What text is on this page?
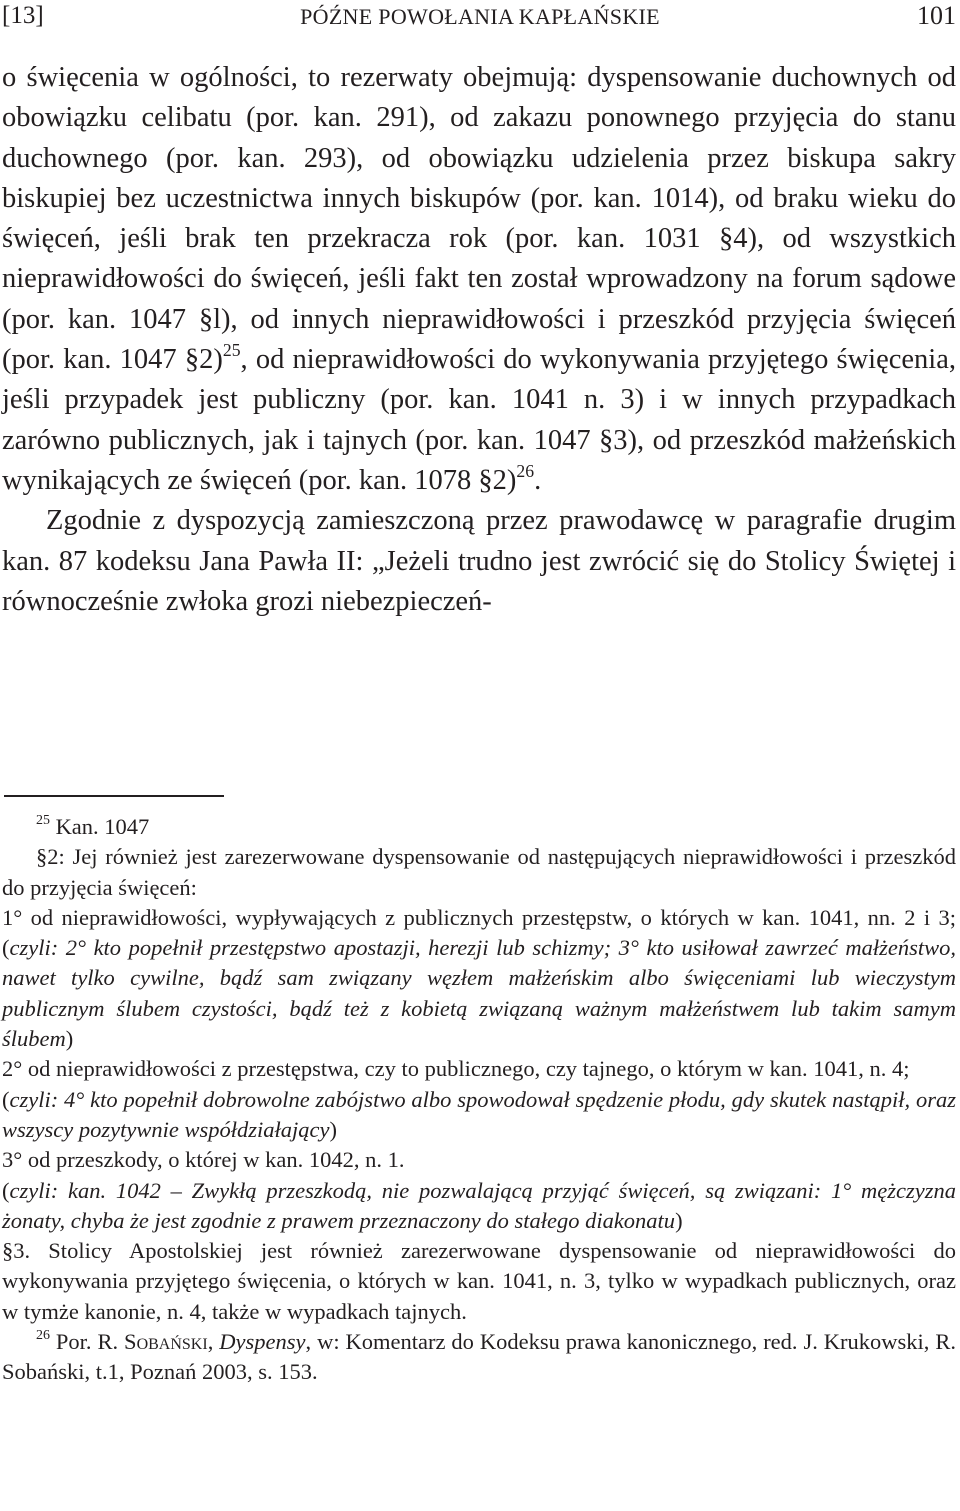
[13]	PÓŹNE POWOŁANIA KAPŁAŃSKIE	101

o święcenia w ogólności, to rezerwaty obejmują: dyspensowanie duchownych od obowiązku celibatu (por. kan. 291), od zakazu ponownego przyjęcia do stanu duchownego (por. kan. 293), od obowiązku udzielenia przez biskupa sakry biskupiej bez uczestnictwa innych biskupów (por. kan. 1014), od braku wieku do święceń, jeśli brak ten przekracza rok (por. kan. 1031 §4), od wszystkich nieprawidłowości do święceń, jeśli fakt ten został wprowadzony na forum sądowe (por. kan. 1047 §l), od innych nieprawidłowości i przeszkód przyjęcia święceń (por. kan. 1047 §2)$^{25}$, od nieprawidłowości do wykonywania przyjętego święcenia, jeśli przypadek jest publiczny (por. kan. 1041 n. 3) i w innych przypadkach zarówno publicznych, jak i tajnych (por. kan. 1047 §3), od przeszkód małżeńskich wynikających ze święceń (por. kan. 1078 §2)$^{26}$.

Zgodnie z dyspozycją zamieszczoną przez prawodawcę w paragrafie drugim kan. 87 kodeksu Jana Pawła II: „Jeżeli trudno jest zwrócić się do Stolicy Świętej i równocześnie zwłoka grozi niebezpieczeń-

$^{25}$ Kan. 1047

§2: Jej również jest zarezerwowane dyspensowanie od następujących nieprawidłowości i przeszkód do przyjęcia święceń:

1° od nieprawidłowości, wypływających z publicznych przestępstw, o których w kan. 1041, nn. 2 i 3; (czyli: 2° kto popełnił przestępstwo apostazji, herezji lub schizmy; 3° kto usiłował zawrzeć małżeństwo, nawet tylko cywilne, bądź sam związany węzłem małżeńskim albo święceniami lub wieczystym publicznym ślubem czystości, bądź też z kobietą związaną ważnym małżeństwem lub takim samym ślubem)

2° od nieprawidłowości z przestępstwa, czy to publicznego, czy tajnego, o którym w kan. 1041, n. 4;

(czyli: 4° kto popełnił dobrowolne zabójstwo albo spowodował spędzenie płodu, gdy skutek nastąpił, oraz wszyscy pozytywnie współdziałający)

3° od przeszkody, o której w kan. 1042, n. 1.

(czyli: kan. 1042 – Zwykłą przeszkodą, nie pozwalającą przyjąć święceń, są związani: 1° mężczyzna żonaty, chyba że jest zgodnie z prawem przeznaczony do stałego diakonatu)

§3. Stolicy Apostolskiej jest również zarezerwowane dyspensowanie od nieprawidłowości do wykonywania przyjętego święcenia, o których w kan. 1041, n. 3, tylko w wypadkach publicznych, oraz w tymże kanonie, n. 4, także w wypadkach tajnych.

$^{26}$ Por. R. Sobański, Dyspensy, w: Komentarz do Kodeksu prawa kanonicznego, red. J. Krukowski, R. Sobański, t.1, Poznań 2003, s. 153.
